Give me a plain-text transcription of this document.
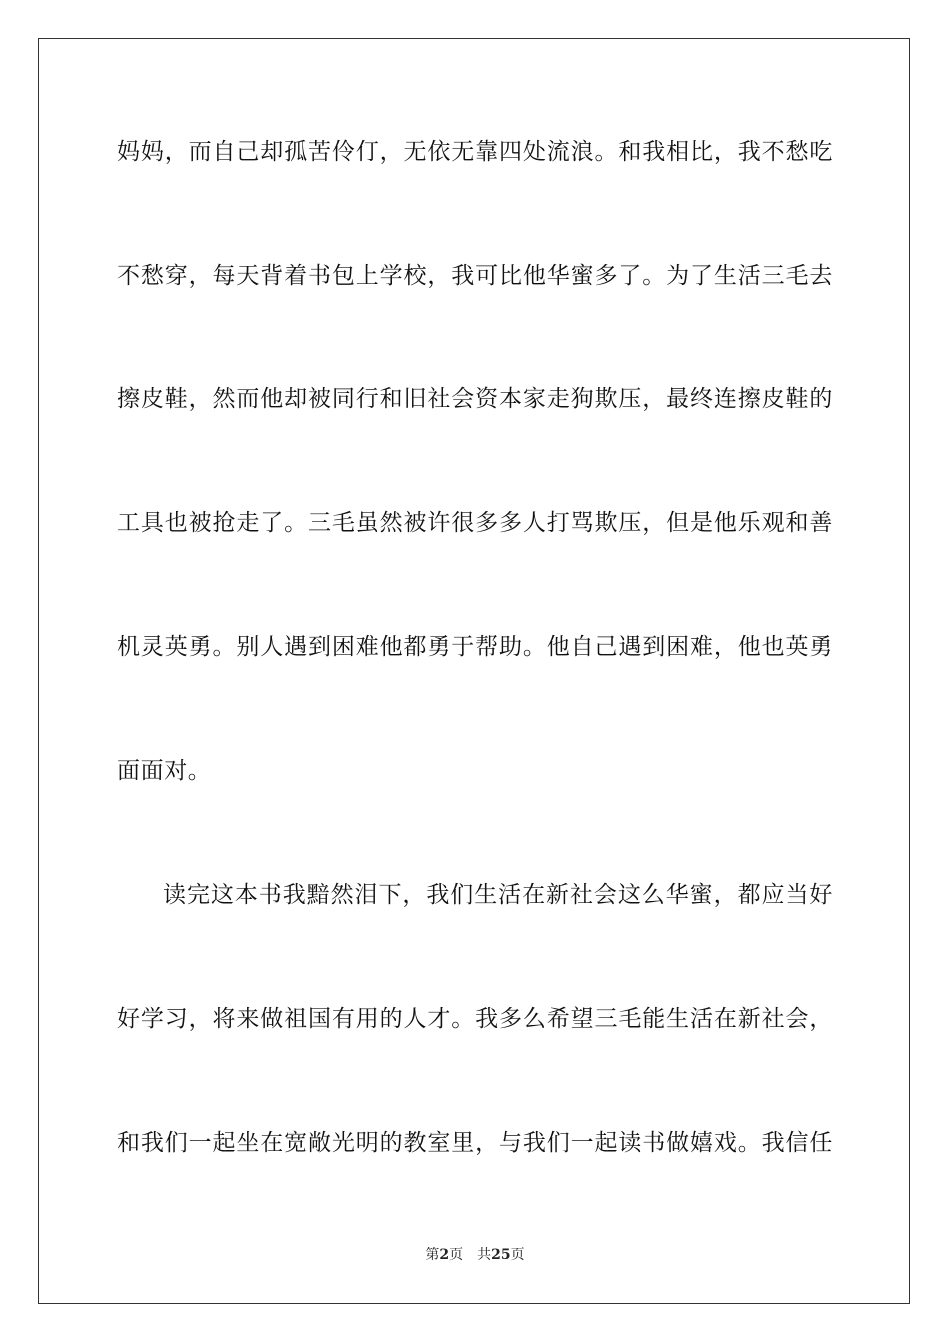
妈妈，而自己却孤苦伶仃，无依无靠四处流浪。和我相比，我不愁吃
不愁穿，每天背着书包上学校，我可比他华蜜多了。为了生活三毛去
擦皮鞋，然而他却被同行和旧社会资本家走狗欺压，最终连擦皮鞋的
工具也被抢走了。三毛虽然被许很多多人打骂欺压，但是他乐观和善
机灵英勇。别人遇到困难他都勇于帮助。他自己遇到困难，他也英勇
面面对。
读完这本书我黯然泪下，我们生活在新社会这么华蜜，都应当好
好学习，将来做祖国有用的人才。我多么希望三毛能生活在新社会，
和我们一起坐在宽敞光明的教室里，与我们一起读书做嬉戏。我信任
第2页 共25页
